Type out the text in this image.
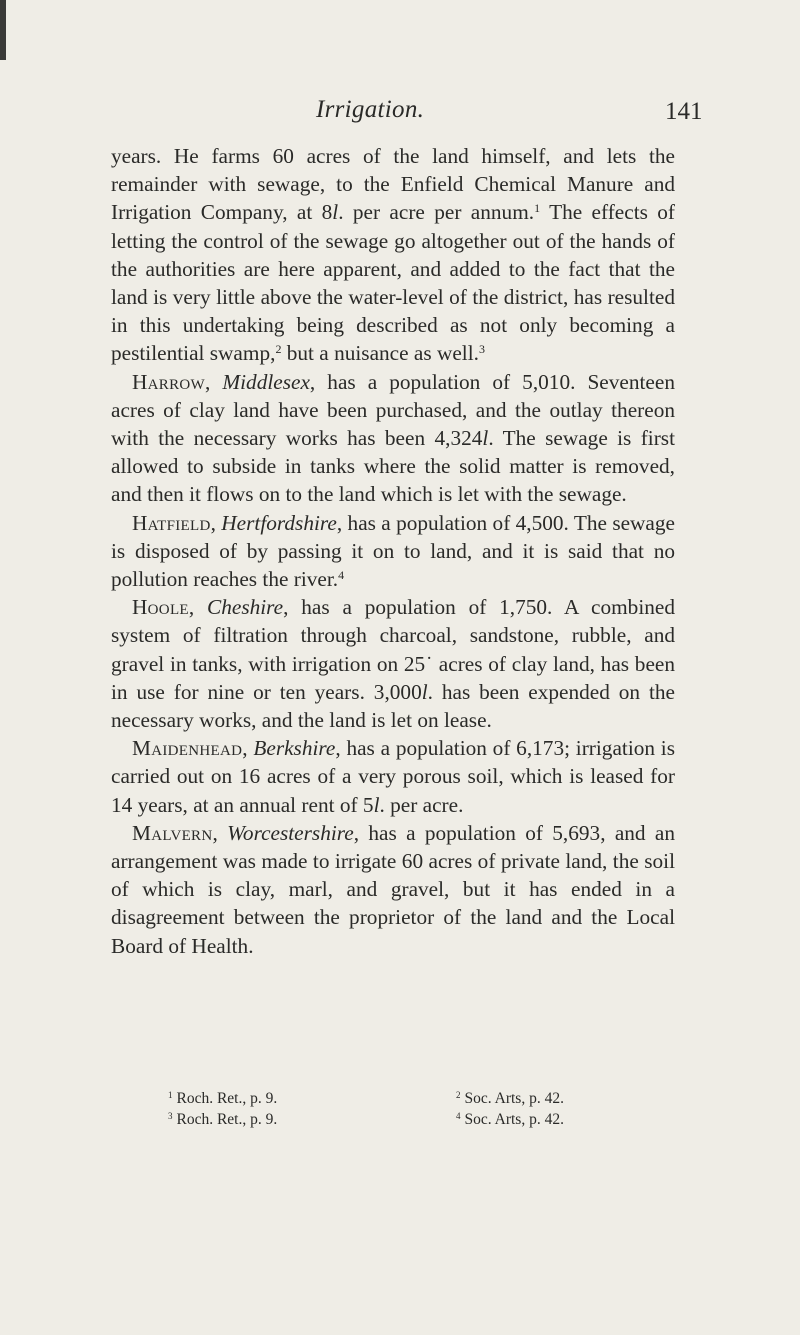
Irrigation.	141

years. He farms 60 acres of the land himself, and lets the remainder with sewage, to the Enfield Chemical Manure and Irrigation Company, at 8l. per acre per annum.$^1$ The effects of letting the control of the sewage go altogether out of the hands of the authorities are here apparent, and added to the fact that the land is very little above the water-level of the district, has resulted in this undertaking being described as not only becoming a pestilential swamp,$^2$ but a nuisance as well.$^3$

Harrow, Middlesex, has a population of 5,010. Seventeen acres of clay land have been purchased, and the outlay thereon with the necessary works has been 4,324l. The sewage is first allowed to subside in tanks where the solid matter is removed, and then it flows on to the land which is let with the sewage.

Hatfield, Hertfordshire, has a population of 4,500. The sewage is disposed of by passing it on to land, and it is said that no pollution reaches the river.$^4$

Hoole, Cheshire, has a population of 1,750. A combined system of filtration through charcoal, sandstone, rubble, and gravel in tanks, with irrigation on 25˙ acres of clay land, has been in use for nine or ten years. 3,000l. has been expended on the necessary works, and the land is let on lease.

Maidenhead, Berkshire, has a population of 6,173; irrigation is carried out on 16 acres of a very porous soil, which is leased for 14 years, at an annual rent of 5l. per acre.

Malvern, Worcestershire, has a population of 5,693, and an arrangement was made to irrigate 60 acres of private land, the soil of which is clay, marl, and gravel, but it has ended in a disagreement between the proprietor of the land and the Local Board of Health.

$^1$ Roch. Ret., p. 9.	$^2$ Soc. Arts, p. 42.
$^3$ Roch. Ret., p. 9.	$^4$ Soc. Arts, p. 42.
